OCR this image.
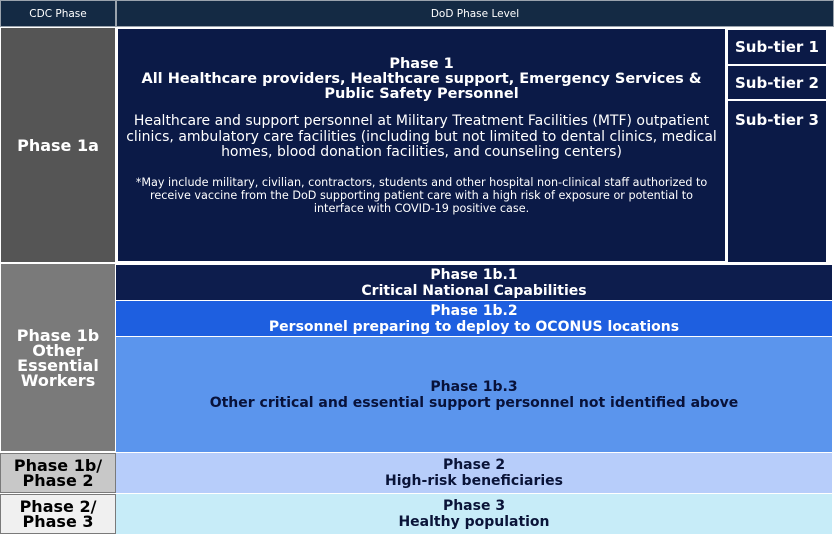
CDC Phase	DoD Phase Level
Phase 1a
Phase 1
All Healthcare providers, Healthcare support, Emergency Services & Public Safety Personnel
Healthcare and support personnel at Military Treatment Facilities (MTF) outpatient clinics, ambulatory care facilities (including but not limited to dental clinics, medical homes, blood donation facilities, and counseling centers)
*May include military, civilian, contractors, students and other hospital non-clinical staff authorized to receive vaccine from the DoD supporting patient care with a high risk of exposure or potential to interface with COVID-19 positive case.
Sub-tier 1
Sub-tier 2
Sub-tier 3
Phase 1b Other Essential Workers
Phase 1b.1
Critical National Capabilities
Phase 1b.2
Personnel preparing to deploy to OCONUS locations
Phase 1b.3
Other critical and essential support personnel not identified above
Phase 1b/ Phase 2
Phase 2
High-risk beneficiaries
Phase 2/ Phase 3
Phase 3
Healthy population
